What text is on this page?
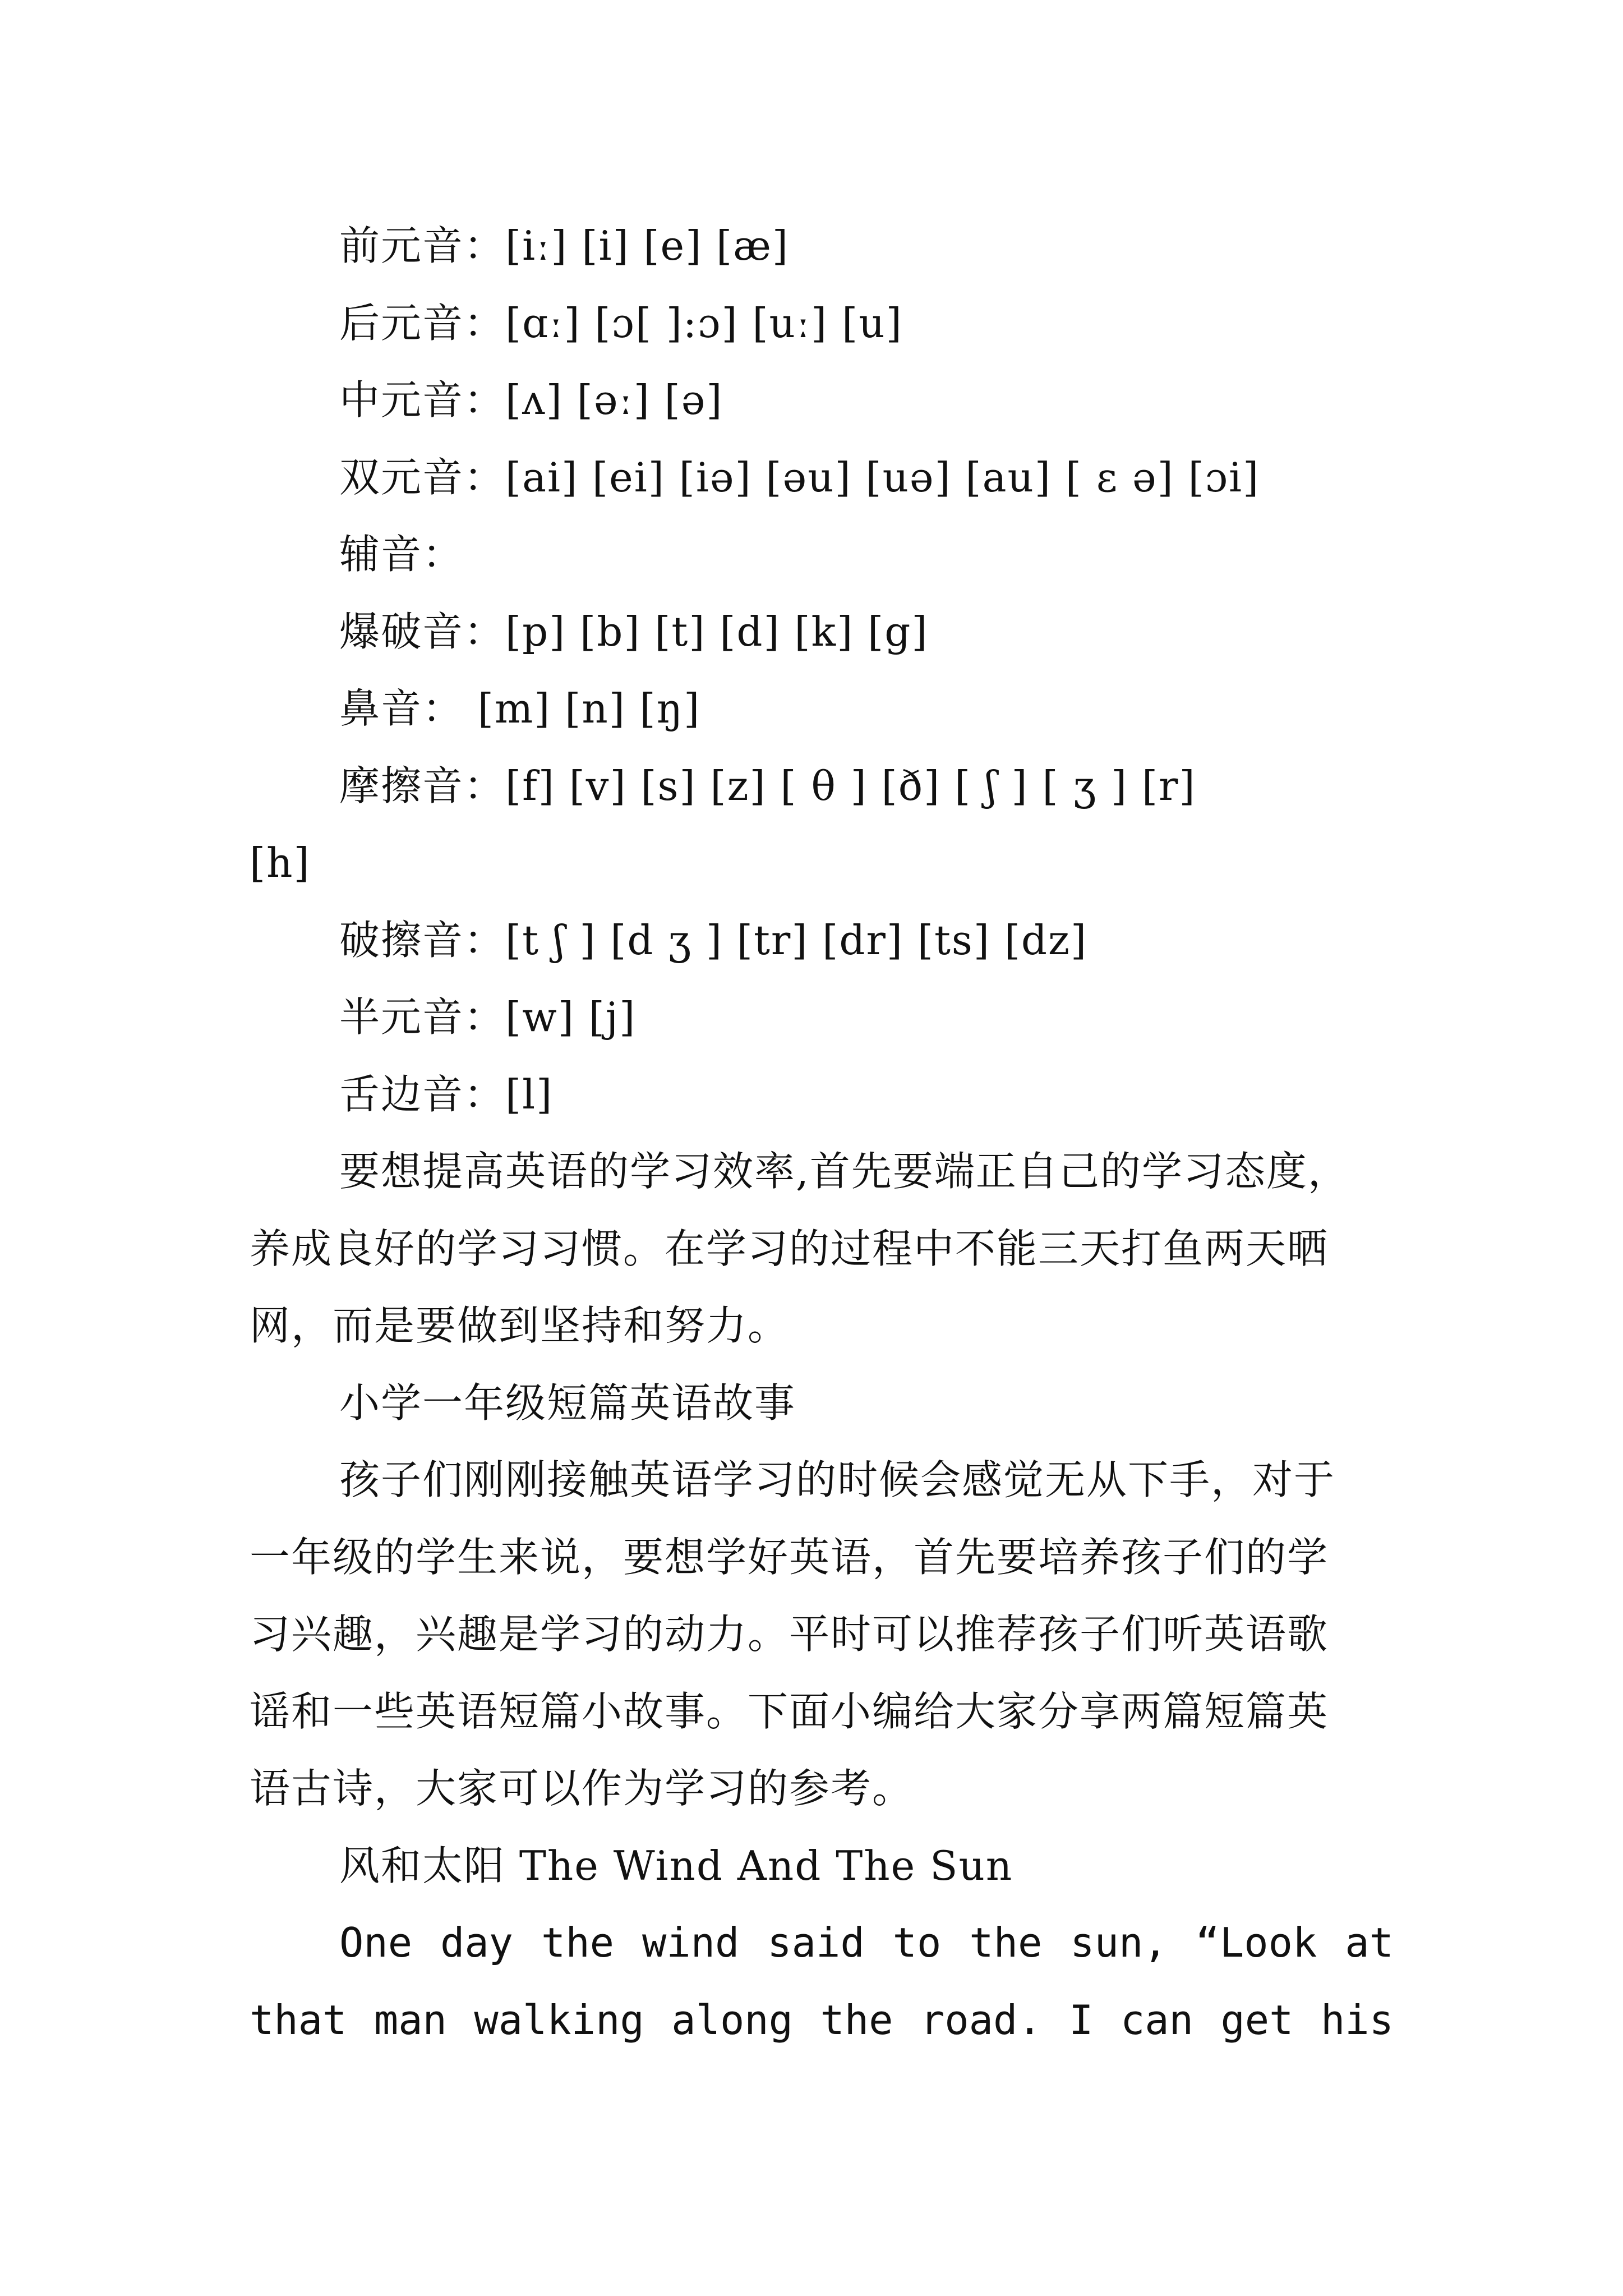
前元音：[iː] [i] [e] [æ]
后元音：[ɑː] [ɔ[ ]:ɔ] [uː] [u]
中元音：[ʌ] [əː] [ə]
双元音：[ai] [ei] [iə] [əu] [uə] [au] [ ɛ ə] [ɔi]
辅音：
爆破音：[p] [b] [t] [d] [k] [g]
鼻音： [m] [n] [ŋ]
摩擦音：[f] [v] [s] [z] [ θ ] [ð] [ ʃ ] [ ʒ ] [r]
[h]
破擦音：[t ʃ ] [d ʒ ] [tr] [dr] [ts] [dz]
半元音：[w] [j]
舌边音：[l]
要想提高英语的学习效率,首先要端正自己的学习态度，
养成良好的学习习惯。在学习的过程中不能三天打鱼两天晒
网，而是要做到坚持和努力。
小学一年级短篇英语故事
孩子们刚刚接触英语学习的时候会感觉无从下手，对于
一年级的学生来说，要想学好英语，首先要培养孩子们的学
习兴趣，兴趣是学习的动力。平时可以推荐孩子们听英语歌
谣和一些英语短篇小故事。下面小编给大家分享两篇短篇英
语古诗，大家可以作为学习的参考。
风和太阳 The Wind And The Sun
One day the wind said to the sun, “Look at
that man walking along the road. I can get his
